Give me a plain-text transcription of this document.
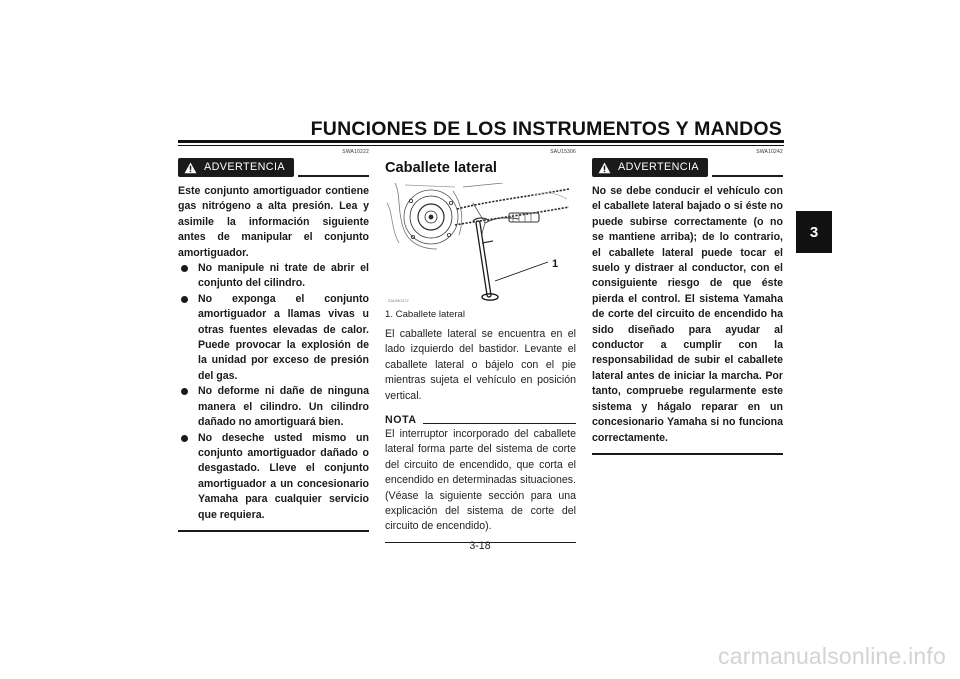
FUNCIONES DE LOS INSTRUMENTOS Y MANDOS
3
SWA10222
ADVERTENCIA

Este conjunto amortiguador contiene gas nitrógeno a alta presión. Lea y asimile la información siguiente antes de manipular el conjunto amortiguador.

No manipule ni trate de abrir el conjunto del cilindro.
No exponga el conjunto amortiguador a llamas vivas u otras fuentes elevadas de calor. Puede provocar la explosión de la unidad por exceso de presión del gas.
No deforme ni dañe de ninguna manera el cilindro. Un cilindro dañado no amortiguará bien.
No deseche usted mismo un conjunto amortiguador dañado o desgastado. Lleve el conjunto amortiguador a un concesionario Yamaha para cualquier servicio que requiera.
SAU15306
Caballete lateral
1
ZAUM0372
1. Caballete lateral

El caballete lateral se encuentra en el lado izquierdo del bastidor. Levante el caballete lateral o bájelo con el pie mientras sujeta el vehículo en posición vertical.

NOTA
El interruptor incorporado del caballete lateral forma parte del sistema de corte del circuito de encendido, que corta el encendido en determinadas situaciones. (Véase la siguiente sección para una explicación del sistema de corte del circuito de encendido).
SWA10242
ADVERTENCIA

No se debe conducir el vehículo con el caballete lateral bajado o si éste no puede subirse correctamente (o no se mantiene arriba); de lo contrario, el caballete lateral puede tocar el suelo y distraer al conductor, con el consiguiente riesgo de que éste pierda el control. El sistema Yamaha de corte del circuito de encendido ha sido diseñado para ayudar al conductor a cumplir con la responsabilidad de subir el caballete lateral antes de iniciar la marcha. Por tanto, compruebe regularmente este sistema y hágalo reparar en un concesionario Yamaha si no funciona correctamente.

3-18
carmanualsonline.info
